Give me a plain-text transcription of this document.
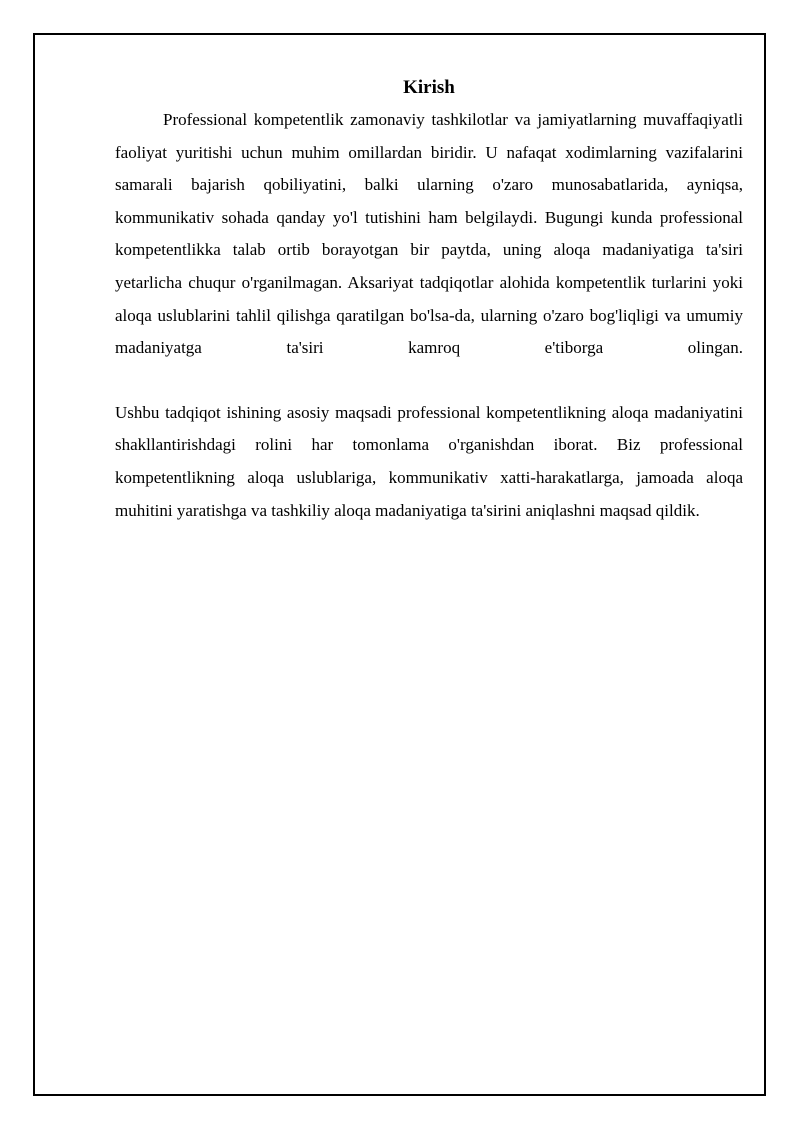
Kirish

Professional kompetentlik zamonaviy tashkilotlar va jamiyatlarning muvaffaqiyatli faoliyat yuritishi uchun muhim omillardan biridir. U nafaqat xodimlarning vazifalarini samarali bajarish qobiliyatini, balki ularning o'zaro munosabatlarida, ayniqsa, kommunikativ sohada qanday yo'l tutishini ham belgilaydi. Bugungi kunda professional kompetentlikka talab ortib borayotgan bir paytda, uning aloqa madaniyatiga ta'siri yetarlicha chuqur o'rganilmagan. Aksariyat tadqiqotlar alohida kompetentlik turlarini yoki aloqa uslublarini tahlil qilishga qaratilgan bo'lsa-da, ularning o'zaro bog'liqligi va umumiy madaniyatga ta'siri kamroq e'tiborga olingan.

Ushbu tadqiqot ishining asosiy maqsadi professional kompetentlikning aloqa madaniyatini shakllantirishdagi rolini har tomonlama o'rganishdan iborat. Biz professional kompetentlikning aloqa uslublariga, kommunikativ xatti-harakatlarga, jamoada aloqa muhitini yaratishga va tashkiliy aloqa madaniyatiga ta'sirini aniqlashni maqsad qildik.
